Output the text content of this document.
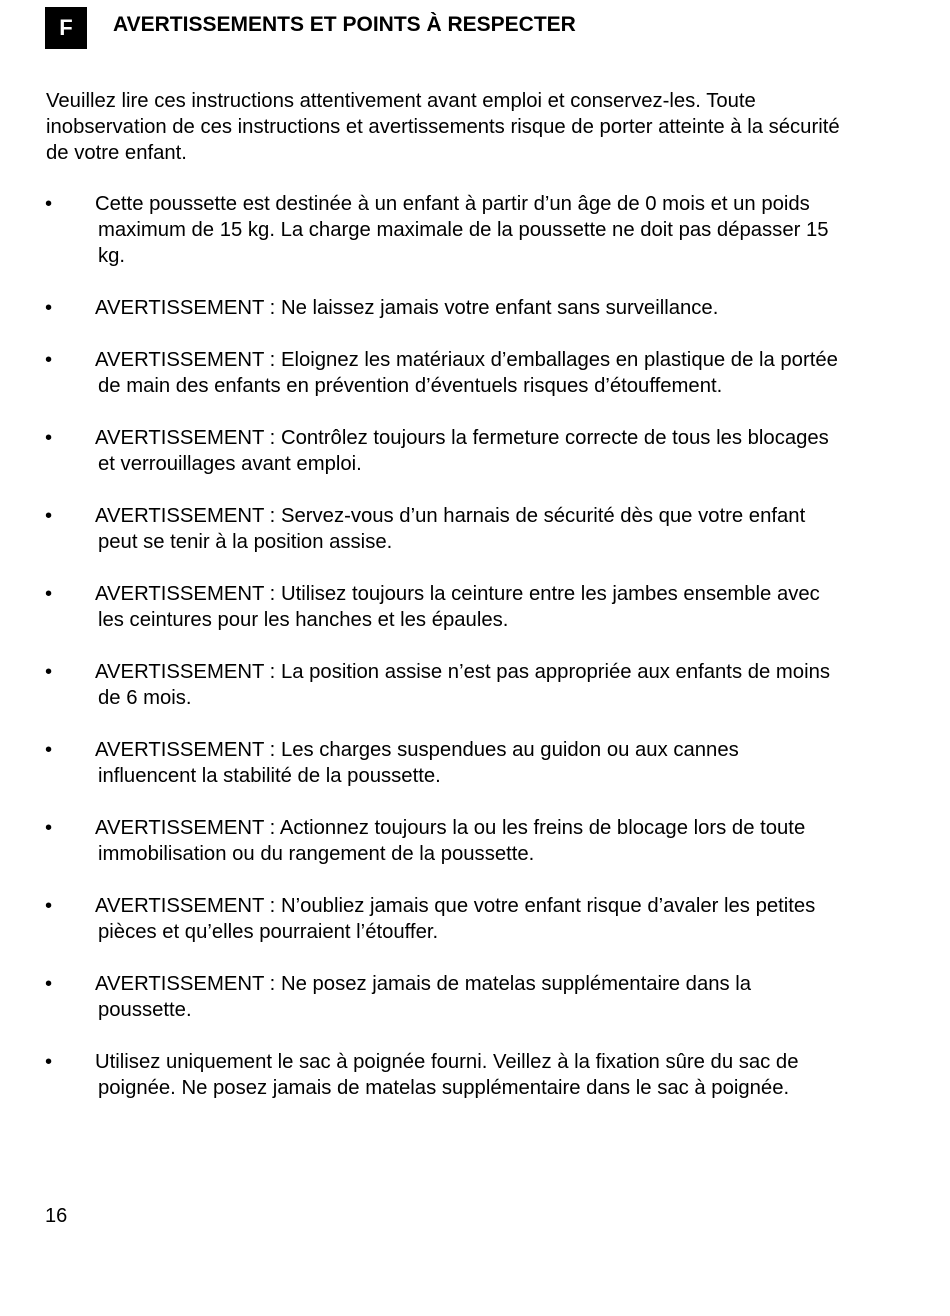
F	AVERTISSEMENTS ET POINTS À RESPECTER

Veuillez lire ces instructions attentivement avant emploi et conservez-les. Toute inobservation de ces instructions et avertissements risque de porter atteinte à la sécurité de votre enfant.

• Cette poussette est destinée à un enfant à partir d’un âge de 0 mois et un poids maximum de 15 kg. La charge maximale de la poussette ne doit pas dépasser 15 kg.
• AVERTISSEMENT : Ne laissez jamais votre enfant sans surveillance.
• AVERTISSEMENT : Eloignez les matériaux d’emballages en plastique de la portée de main des enfants en prévention d’éventuels risques d’étouffement.
• AVERTISSEMENT : Contrôlez toujours la fermeture correcte de tous les blocages et verrouillages avant emploi.
• AVERTISSEMENT : Servez-vous d’un harnais de sécurité dès que votre enfant peut se tenir à la position assise.
• AVERTISSEMENT : Utilisez toujours la ceinture entre les jambes ensemble avec les ceintures pour les hanches et les épaules.
• AVERTISSEMENT : La position assise n’est pas appropriée aux enfants de moins de 6 mois.
• AVERTISSEMENT : Les charges suspendues au guidon ou aux cannes influencent la stabilité de la poussette.
• AVERTISSEMENT : Actionnez toujours la ou les freins de blocage lors de toute immobilisation ou du rangement de la poussette.
• AVERTISSEMENT : N’oubliez jamais que votre enfant risque d’avaler les petites pièces et qu’elles pourraient l’étouffer.
• AVERTISSEMENT : Ne posez jamais de matelas supplémentaire dans la poussette.
• Utilisez uniquement le sac à poignée fourni. Veillez à la fixation sûre du sac de poignée. Ne posez jamais de matelas supplémentaire dans le sac à poignée.
16
